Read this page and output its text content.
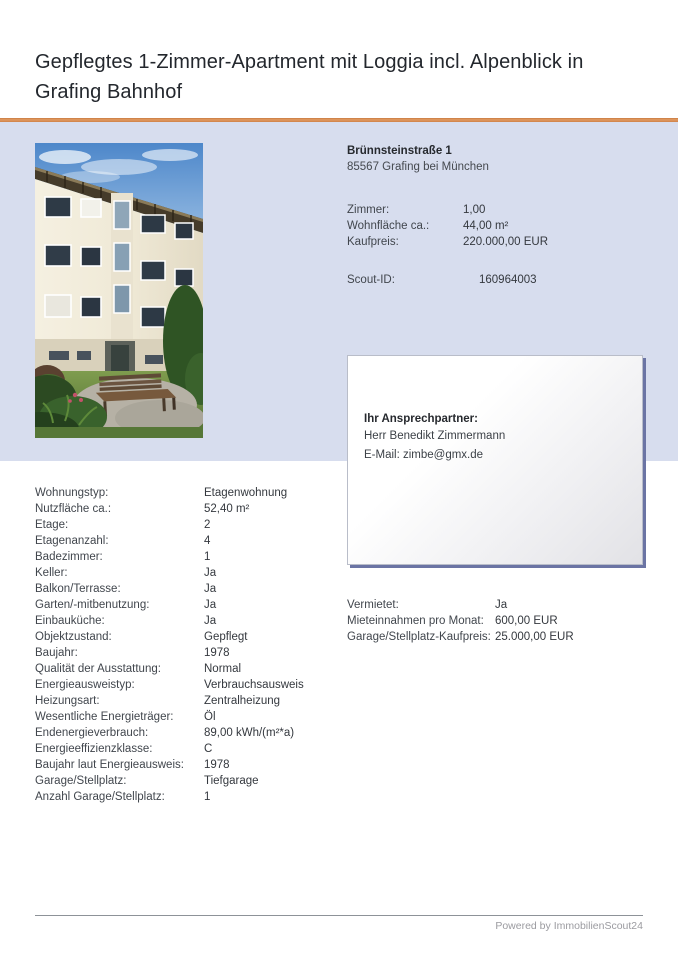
Gepflegtes 1-Zimmer-Apartment mit Loggia incl. Alpenblick in Grafing Bahnhof
Brünnsteinstraße 1
85567 Grafing bei München
Zimmer:	1,00
Wohnfläche ca.:	44,00 m²
Kaufpreis:	220.000,00 EUR
Scout-ID:	160964003
Ihr Ansprechpartner:
Herr Benedikt Zimmermann
E-Mail: zimbe@gmx.de
Wohnungstyp:	Etagenwohnung
Nutzfläche ca.:	52,40 m²
Etage:	2
Etagenanzahl:	4
Badezimmer:	1
Keller:	Ja
Balkon/Terrasse:	Ja
Garten/-mitbenutzung:	Ja
Einbauküche:	Ja
Objektzustand:	Gepflegt
Baujahr:	1978
Qualität der Ausstattung:	Normal
Energieausweistyp:	Verbrauchsausweis
Heizungsart:	Zentralheizung
Wesentliche Energieträger:	Öl
Endenergieverbrauch:	89,00 kWh/(m²*a)
Energieeffizienzklasse:	C
Baujahr laut Energieausweis:	1978
Garage/Stellplatz:	Tiefgarage
Anzahl Garage/Stellplatz:	1
Vermietet:	Ja
Mieteinnahmen pro Monat: 600,00 EUR
Garage/Stellplatz-Kaufpreis: 25.000,00 EUR
Powered by ImmobilienScout24
